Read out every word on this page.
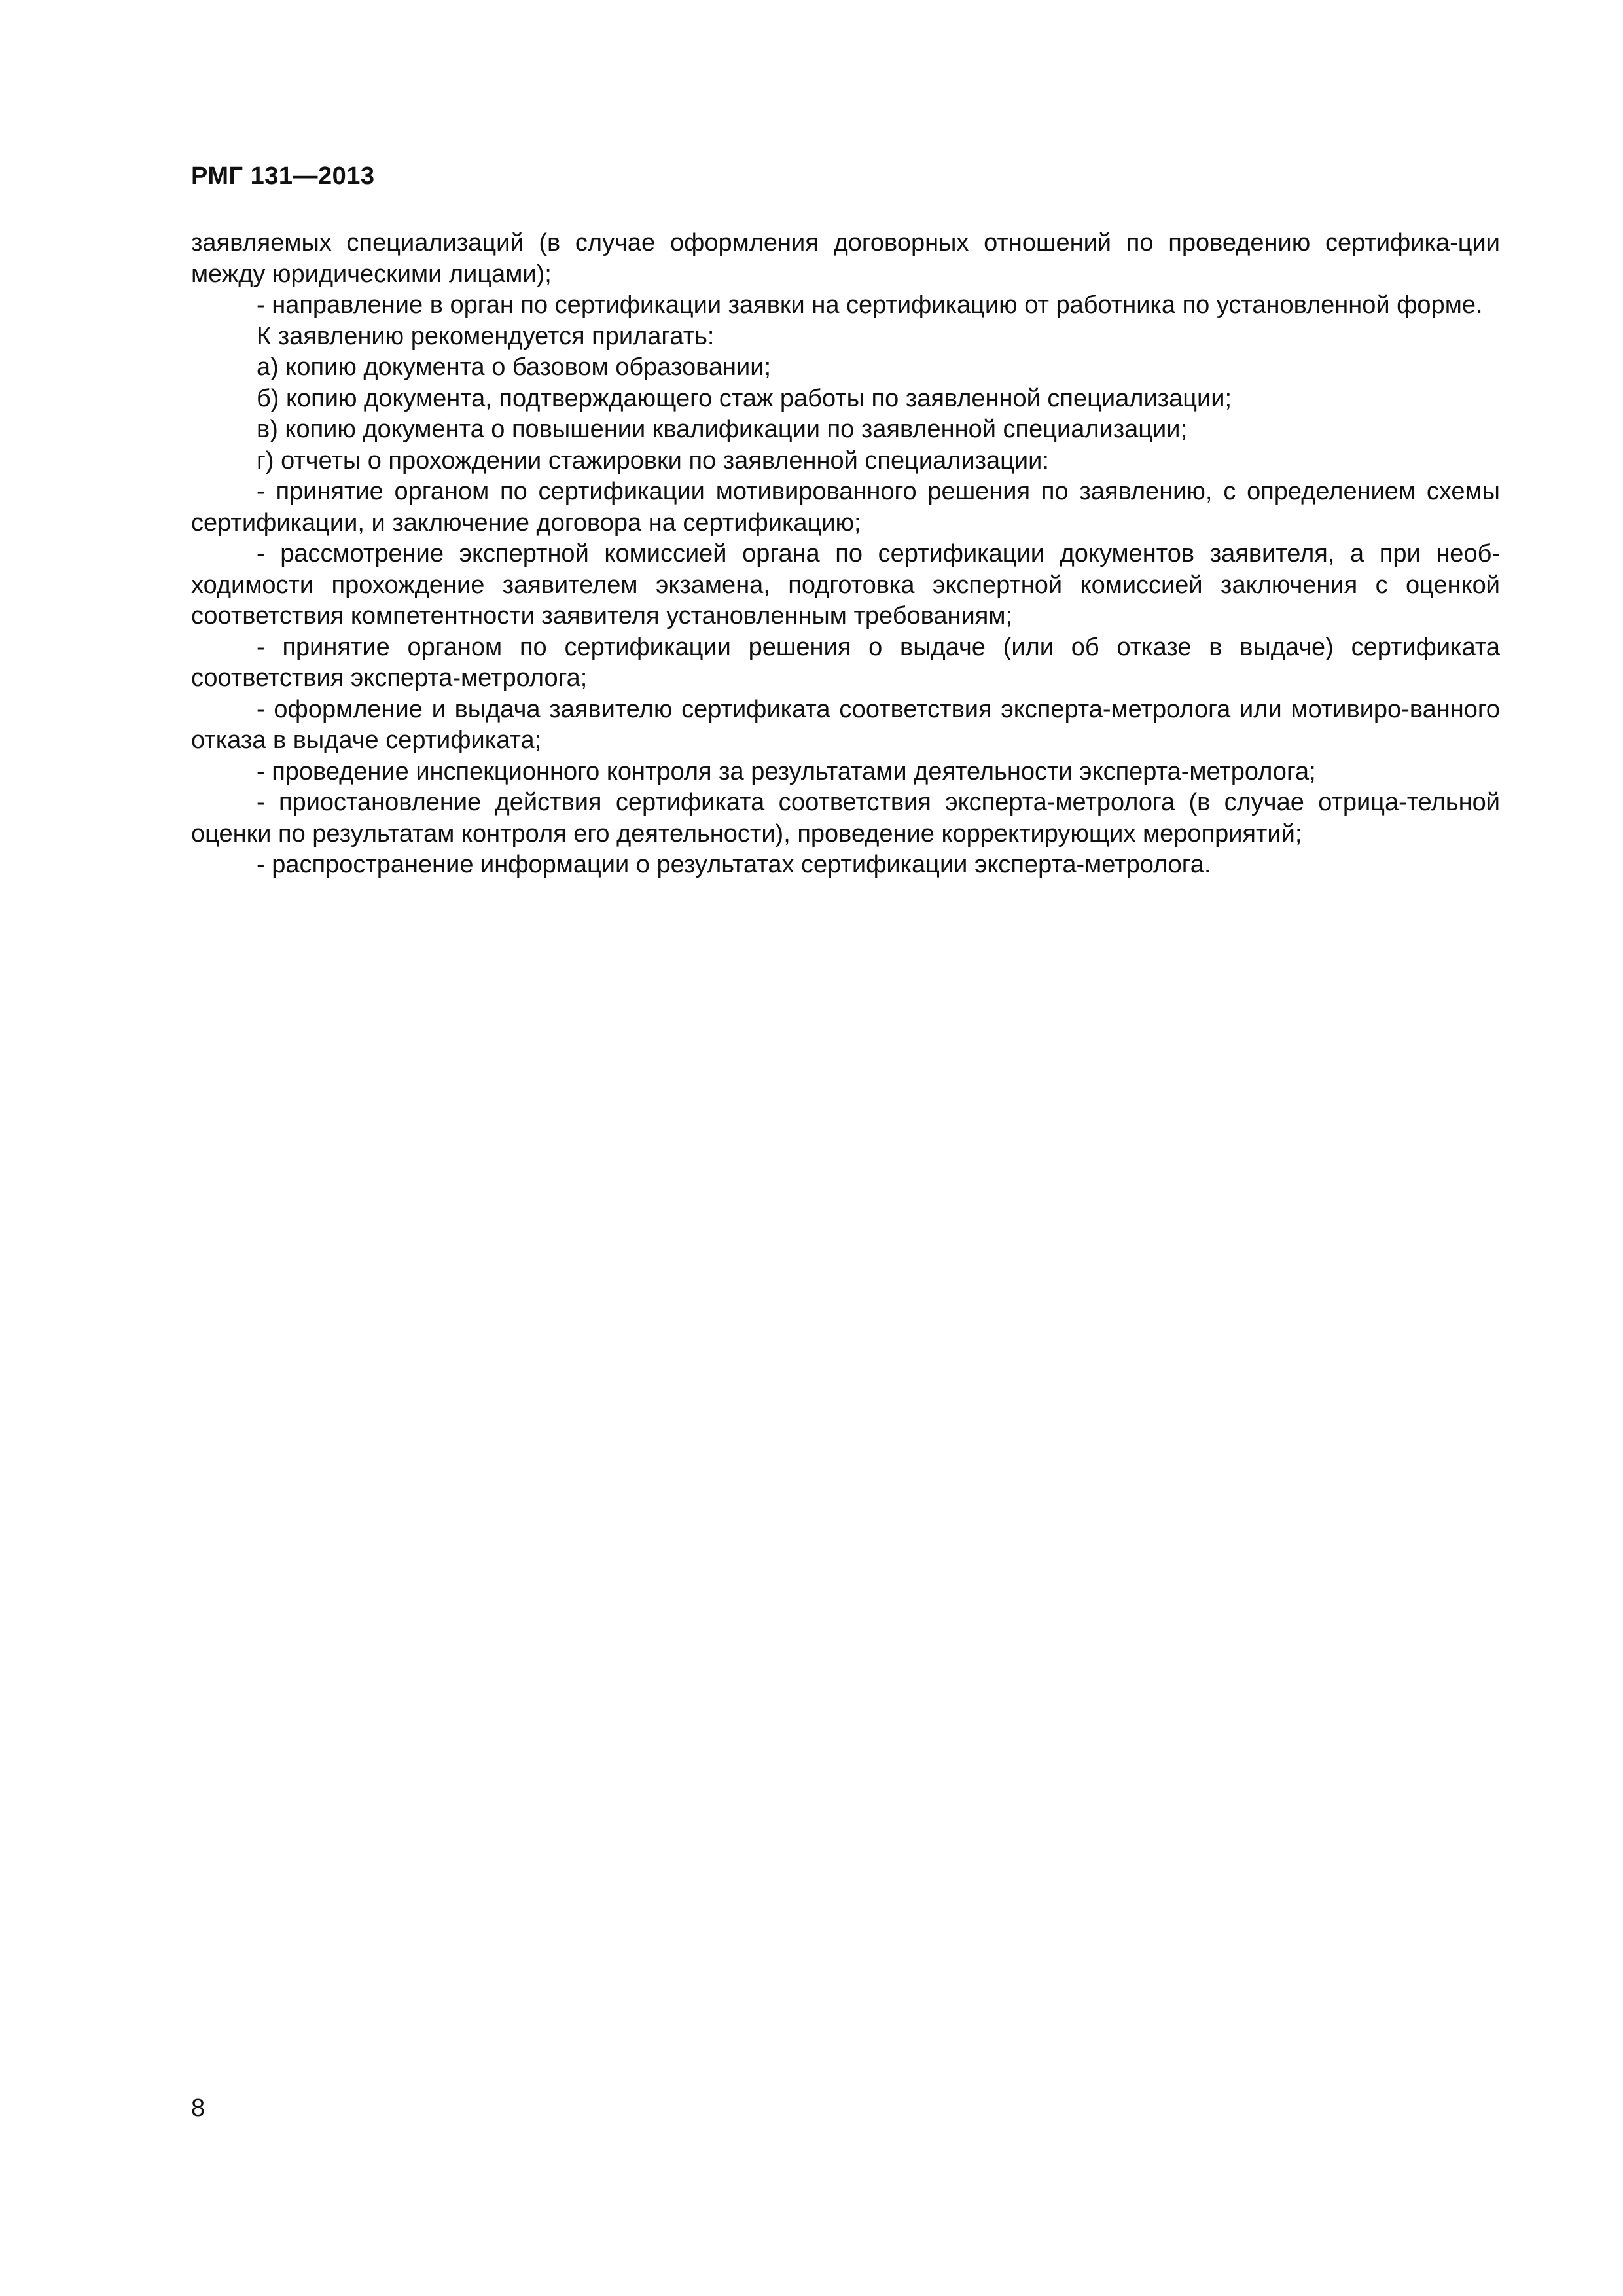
РМГ 131—2013

заявляемых специализаций (в случае оформления договорных отношений по проведению сертифика-ции между юридическими лицами);

- направление в орган по сертификации заявки на сертификацию от работника по установленной форме.

К заявлению рекомендуется прилагать:

а) копию документа о базовом образовании;

б) копию документа, подтверждающего стаж работы по заявленной специализации;

в) копию документа о повышении квалификации по заявленной специализации;

г) отчеты о прохождении стажировки по заявленной специализации:

- принятие органом по сертификации мотивированного решения по заявлению, с определением схемы сертификации, и заключение договора на сертификацию;

- рассмотрение экспертной комиссией органа по сертификации документов заявителя, а при необ-ходимости прохождение заявителем экзамена, подготовка экспертной комиссией заключения с оценкой соответствия компетентности заявителя установленным требованиям;

- принятие органом по сертификации решения о выдаче (или об отказе в выдаче) сертификата соответствия эксперта-метролога;

- оформление и выдача заявителю сертификата соответствия эксперта-метролога или мотивиро-ванного отказа в выдаче сертификата;

- проведение инспекционного контроля за результатами деятельности эксперта-метролога;

- приостановление действия сертификата соответствия эксперта-метролога (в случае отрица-тельной оценки по результатам контроля его деятельности), проведение корректирующих мероприятий;

- распространение информации о результатах сертификации эксперта-метролога.

8
